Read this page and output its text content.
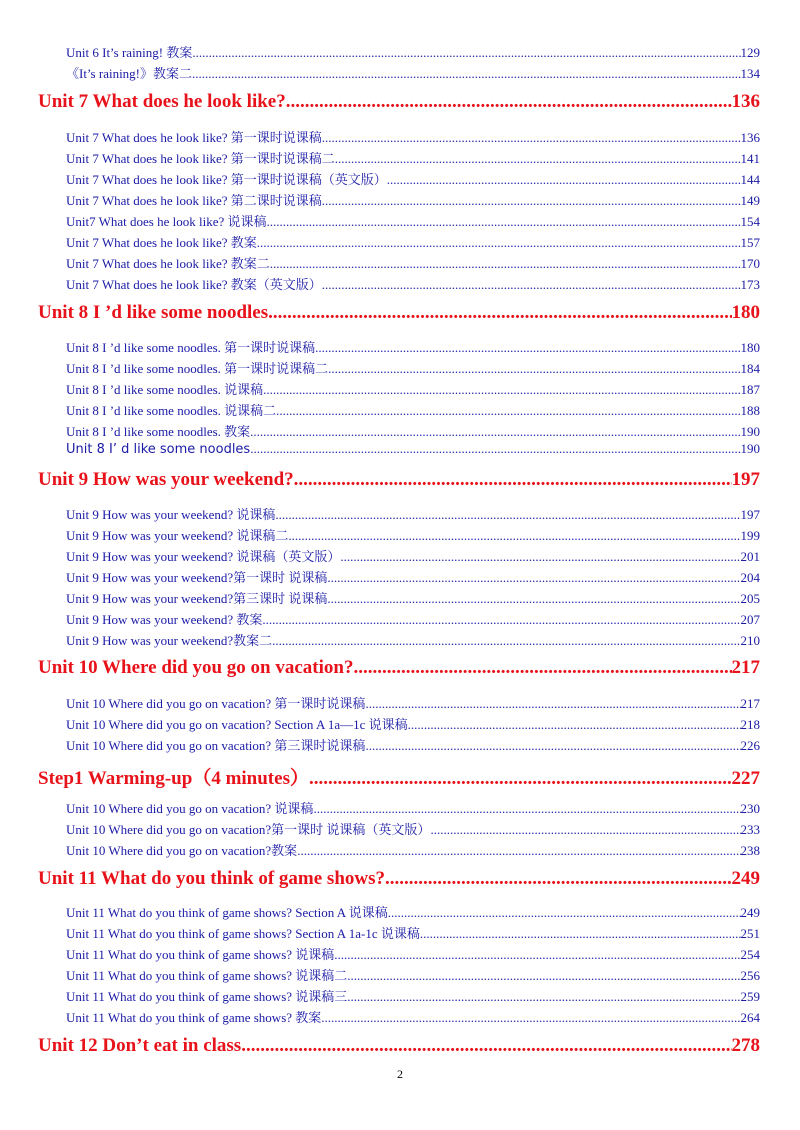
Unit 6 It’s raining! 教案 .....	129
《It’s raining!》教案二 .....	134
Unit 7 What does he look like? .....	136
Unit 7 What does he look like? 第一课时说课稿 .....	136
Unit 7 What does he look like? 第一课时说课稿二 .....	141
Unit 7 What does he look like? 第一课时说课稿（英文版） .....	144
Unit 7 What does he look like? 第二课时说课稿 .....	149
Unit7 What does he look like? 说课稿 .....	154
Unit 7 What does he look like? 教案 .....	157
Unit 7 What does he look like? 教案二 .....	170
Unit 7 What does he look like? 教案（英文版） .....	173
Unit 8 I ’d like some noodles .....	180
Unit 8 I ’d like some noodles. 第一课时说课稿 .....	180
Unit 8 I ’d like some noodles. 第一课时说课稿二 .....	184
Unit 8 I ’d like some noodles. 说课稿 .....	187
Unit 8 I ’d like some noodles. 说课稿二 .....	188
Unit 8 I ’d like some noodles. 教案 .....	190
Unit 8 I’ d like some noodles .....	190
Unit 9 How was your weekend? .....	197
Unit 9 How was your weekend? 说课稿 .....	197
Unit 9 How was your weekend? 说课稿二 .....	199
Unit 9 How was your weekend? 说课稿（英文版） .....	201
Unit 9 How was your weekend?第一课时 说课稿 .....	204
Unit 9 How was your weekend?第三课时 说课稿 .....	205
Unit 9 How was your weekend? 教案 .....	207
Unit 9 How was your weekend?教案二 .....	210
Unit 10 Where did you go on vacation? .....	217
Unit 10 Where did you go on vacation? 第一课时说课稿 .....	217
Unit 10 Where did you go on vacation? Section A 1a—1c 说课稿 .....	218
Unit 10 Where did you go on vacation? 第三课时说课稿 .....	226
Step1 Warming-up（4 minutes） .....	227
Unit 10 Where did you go on vacation? 说课稿 .....	230
Unit 10 Where did you go on vacation?第一课时 说课稿（英文版） .....	233
Unit 10 Where did you go on vacation?教案 .....	238
Unit 11 What do you think of game shows? .....	249
Unit 11 What do you think of game shows? Section A 说课稿 .....	249
Unit 11 What do you think of game shows? Section A 1a-1c 说课稿 .....	251
Unit 11 What do you think of game shows? 说课稿 .....	254
Unit 11 What do you think of game shows? 说课稿二 .....	256
Unit 11 What do you think of game shows? 说课稿三 .....	259
Unit 11 What do you think of game shows? 教案 .....	264
Unit 12 Don’t eat in class .....	278
2
